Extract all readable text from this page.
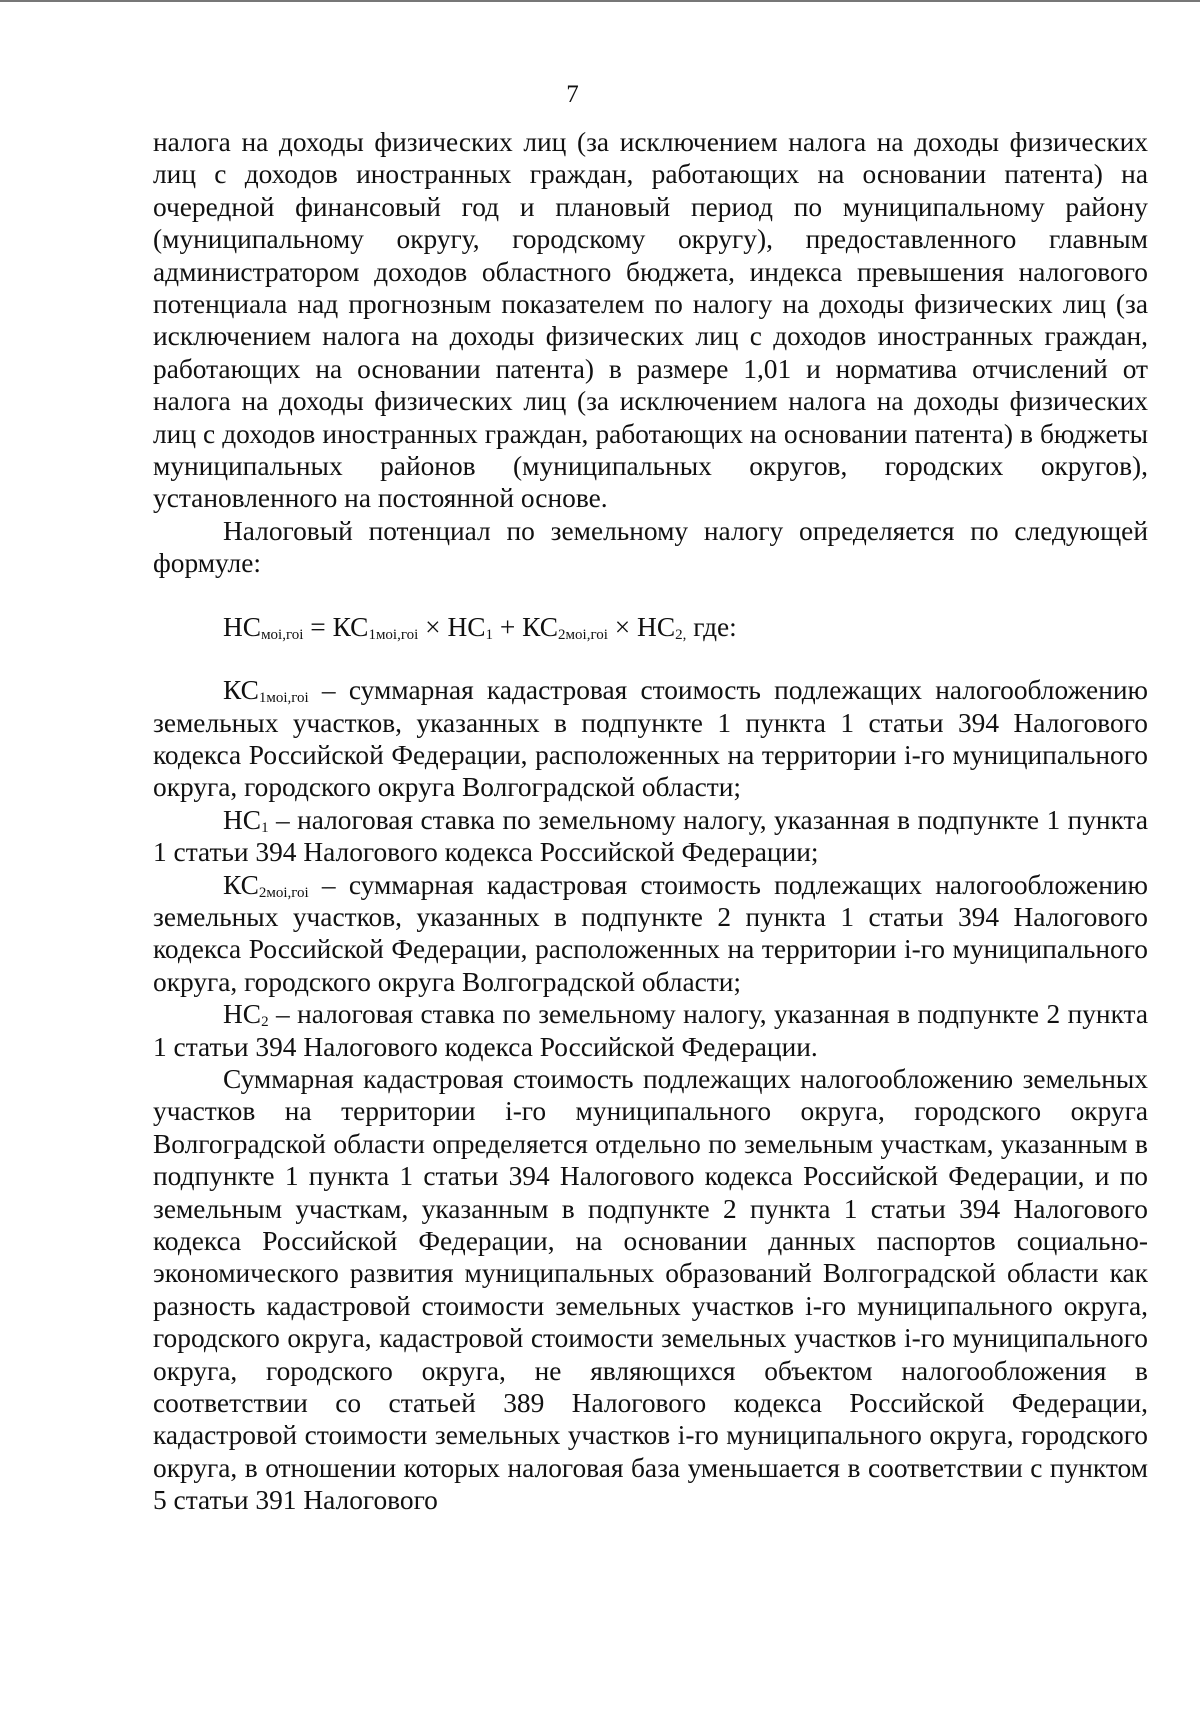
7

налога на доходы физических лиц (за исключением налога на доходы физических лиц с доходов иностранных граждан, работающих на основании патента) на очередной финансовый год и плановый период по муниципальному району (муниципальному округу, городскому округу), предоставленного главным администратором доходов областного бюджета, индекса превышения налогового потенциала над прогнозным показателем по налогу на доходы физических лиц (за исключением налога на доходы физических лиц с доходов иностранных граждан, работающих на основании патента) в размере 1,01 и норматива отчислений от налога на доходы физических лиц (за исключением налога на доходы физических лиц с доходов иностранных граждан, работающих на основании патента) в бюджеты муниципальных районов (муниципальных округов, городских округов), установленного на постоянной основе.

Налоговый потенциал по земельному налогу определяется по следующей формуле:

$НС_{моi,гоi} = КС_{1моi,гоi} \times НС_1 + КС_{2моi,гоi} \times НС_{2,}$ где:

$КС_{1моi,гоi}$ – суммарная кадастровая стоимость подлежащих налогообложению земельных участков, указанных в подпункте 1 пункта 1 статьи 394 Налогового кодекса Российской Федерации, расположенных на территории i-го муниципального округа, городского округа Волгоградской области;

$НС_1$ – налоговая ставка по земельному налогу, указанная в подпункте 1 пункта 1 статьи 394 Налогового кодекса Российской Федерации;

$КС_{2моi,гоi}$ – суммарная кадастровая стоимость подлежащих налогообложению земельных участков, указанных в подпункте 2 пункта 1 статьи 394 Налогового кодекса Российской Федерации, расположенных на территории i-го муниципального округа, городского округа Волгоградской области;

$НС_2$ – налоговая ставка по земельному налогу, указанная в подпункте 2 пункта 1 статьи 394 Налогового кодекса Российской Федерации.

Суммарная кадастровая стоимость подлежащих налогообложению земельных участков на территории i-го муниципального округа, городского округа Волгоградской области определяется отдельно по земельным участкам, указанным в подпункте 1 пункта 1 статьи 394 Налогового кодекса Российской Федерации, и по земельным участкам, указанным в подпункте 2 пункта 1 статьи 394 Налогового кодекса Российской Федерации, на основании данных паспортов социально-экономического развития муниципальных образований Волгоградской области как разность кадастровой стоимости земельных участков i-го муниципального округа, городского округа, кадастровой стоимости земельных участков i-го муниципального округа, городского округа, не являющихся объектом налогообложения в соответствии со статьей 389 Налогового кодекса Российской Федерации, кадастровой стоимости земельных участков i-го муниципального округа, городского округа, в отношении которых налоговая база уменьшается в соответствии с пунктом 5 статьи 391 Налогового
